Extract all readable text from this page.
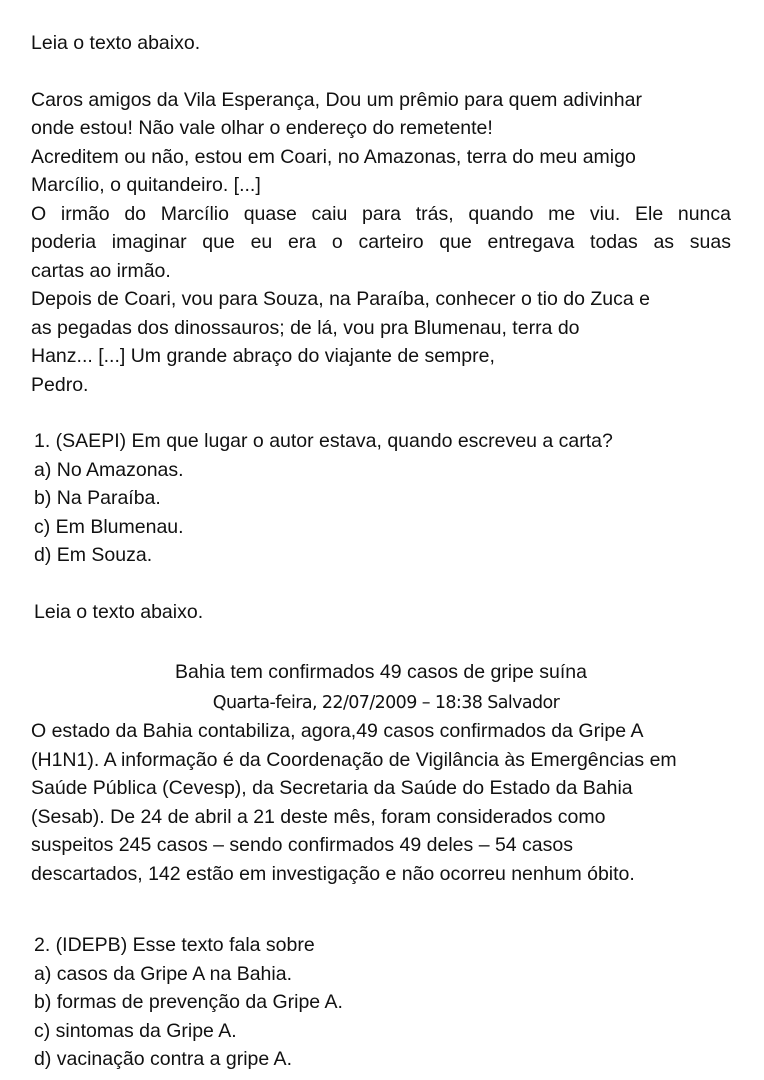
Leia o texto abaixo.

Caros amigos da Vila Esperança, Dou um prêmio para quem adivinhar

onde estou! Não vale olhar o endereço do remetente!

Acreditem ou não, estou em Coari, no Amazonas, terra do meu amigo

Marcílio, o quitandeiro. [...]

O irmão do Marcílio quase caiu para trás, quando me viu. Ele nunca

poderia imaginar que eu era o carteiro que entregava todas as suas

cartas ao irmão.

Depois de Coari, vou para Souza, na Paraíba, conhecer o tio do Zuca e

as pegadas dos dinossauros; de lá, vou pra Blumenau, terra do

Hanz... [...] Um grande abraço do viajante de sempre,

Pedro.

1. (SAEPI) Em que lugar o autor estava, quando escreveu a carta?

a) No Amazonas.

b) Na Paraíba.

c) Em Blumenau.

d) Em Souza.

Leia o texto abaixo.

Bahia tem confirmados 49 casos de gripe suína

Quarta-feira, 22/07/2009 – 18:38 Salvador

O estado da Bahia contabiliza, agora,49 casos confirmados da Gripe A

(H1N1). A informação é da Coordenação de Vigilância às Emergências em

Saúde Pública (Cevesp), da Secretaria da Saúde do Estado da Bahia

(Sesab). De 24 de abril a 21 deste mês, foram considerados como

suspeitos 245 casos – sendo confirmados 49 deles – 54 casos

descartados, 142 estão em investigação e não ocorreu nenhum óbito.

2. (IDEPB) Esse texto fala sobre

a) casos da Gripe A na Bahia.

b) formas de prevenção da Gripe A.

c) sintomas da Gripe A.

d) vacinação contra a gripe A.
